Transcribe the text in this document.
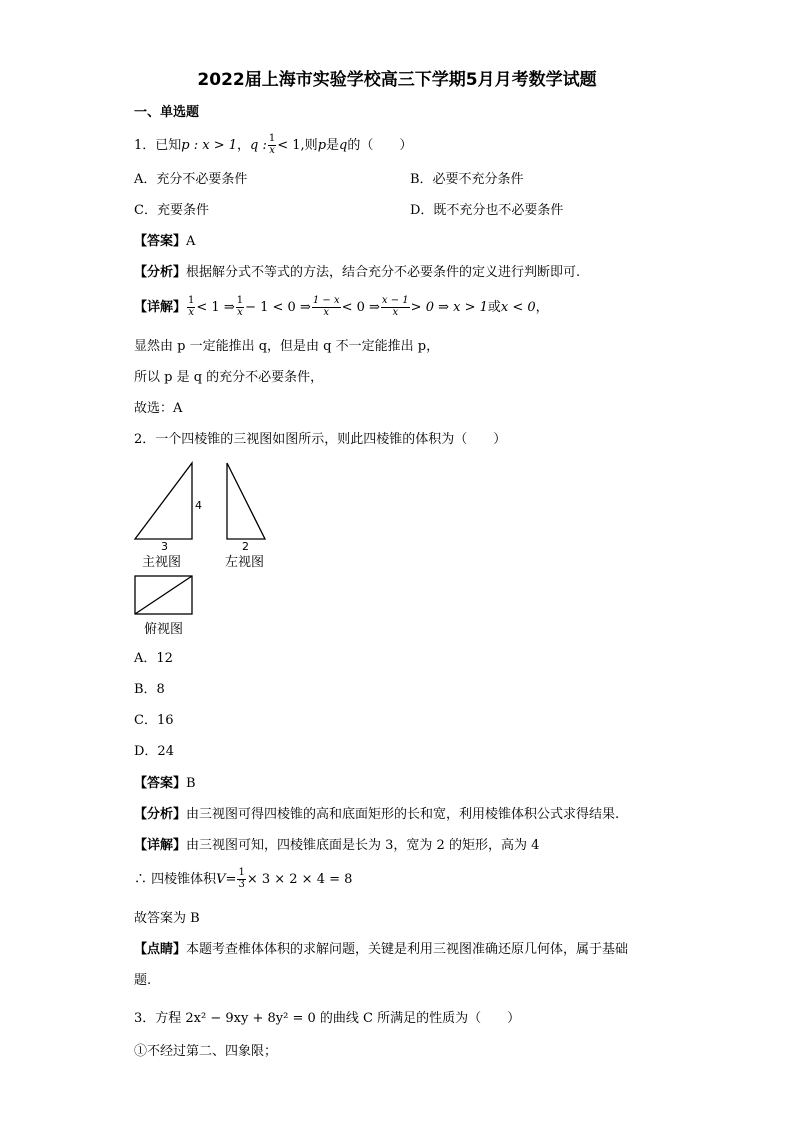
2022届上海市实验学校高三下学期5月月考数学试题
一、单选题
1．已知 p : x > 1 ， q : $\frac{1}{x} < 1$ ,则 p 是 q 的（　　）
A．充分不必要条件	B．必要不充分条件
C．充要条件	D．既不充分也不必要条件
【答案】A
【分析】根据解分式不等式的方法，结合充分不必要条件的定义进行判断即可.
【详解】 $\frac{1}{x} < 1$ ⇒ $\frac{1}{x} - 1 < 0$ ⇒ $\frac{1 - x}{x} < 0$ ⇒ $\frac{x - 1}{x} > 0$ ⇒ x > 1 或 x < 0 ，
显然由 p 一定能推出 q，但是由 q 不一定能推出 p，
所以 p 是 q 的充分不必要条件，
故选：A
2．一个四棱锥的三视图如图所示，则此四棱锥的体积为（　　）
4
3
主视图
2
左视图
俯视图
A．12
B．8
C．16
D．24
【答案】B
【分析】由三视图可得四棱锥的高和底面矩形的长和宽，利用棱锥体积公式求得结果.
【详解】由三视图可知，四棱锥底面是长为 3，宽为 2 的矩形，高为 4
∴ 四棱锥体积 $V = \frac{1}{3} \times 3 \times 2 \times 4 = 8$
故答案为 B
【点睛】本题考查椎体体积的求解问题，关键是利用三视图准确还原几何体，属于基础
题.
3．方程 2x² − 9xy + 8y² = 0 的曲线 C 所满足的性质为（　　）
①不经过第二、四象限；
